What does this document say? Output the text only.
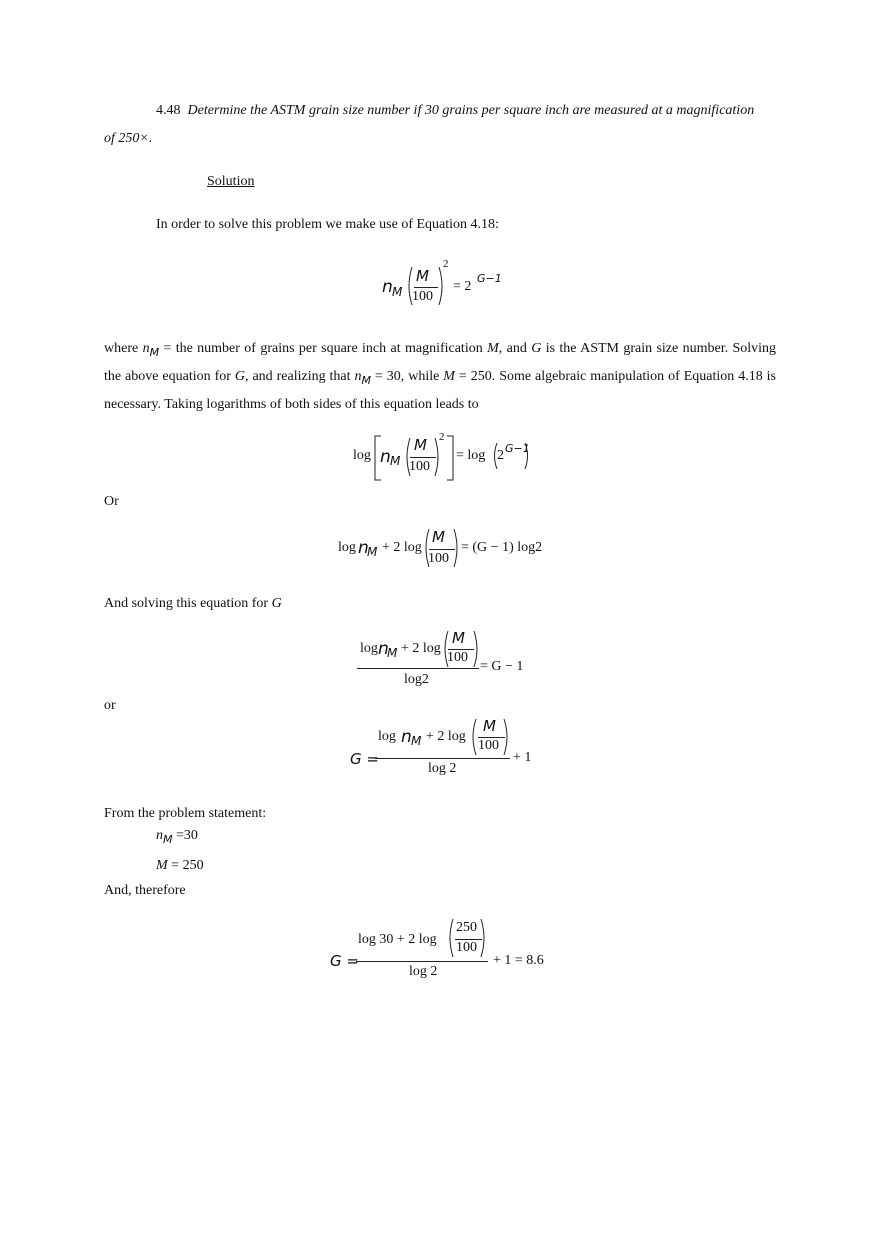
4.48 Determine the ASTM grain size number if 30 grains per square inch are measured at a magnification
of 250×.
Solution
In order to solve this problem we make use of Equation 4.18:
n M
M
100
2
= 2
G−1
where $n_M$ = the number of grains per square inch at magnification M, and G is the ASTM grain size number. Solving the above equation for G, and realizing that $n_M = 30$, while M = 250. Some algebraic manipulation of Equation 4.18 is necessary. Taking logarithms of both sides of this equation leads to
log n M
M
100
2
= log 2 G−1
Or
log n
M + 2 log
M
100
= (G − 1) log2
And solving this equation for G
log n
M + 2 log
M
100
log2
= G − 1
or
G =
log n M + 2 log
M
100
log 2
+ 1
From the problem statement:
$n_M =30$
M = 250
And, therefore
G =
log 30 + 2 log
250
100
log 2
+ 1 = 8.6
